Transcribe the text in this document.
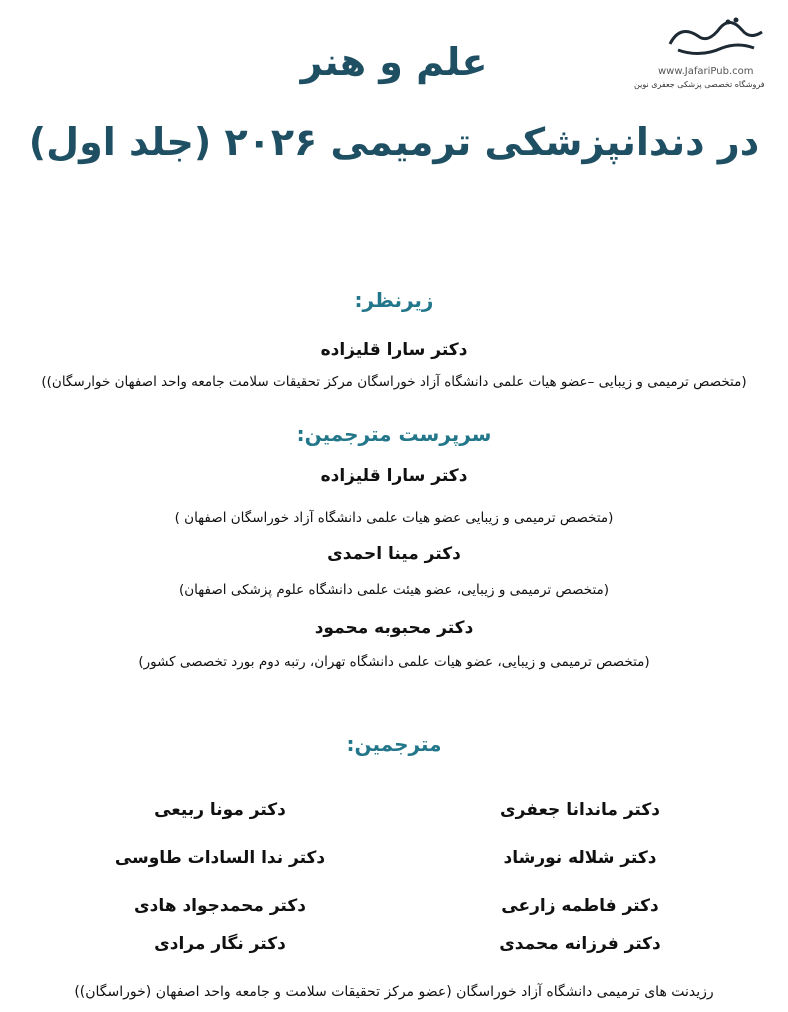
www.JafariPub.com
فروشگاه تخصصی پزشکی جعفری نوین
علم و هنر
در دندانپزشکی ترمیمی ۲۰۲۶ (جلد اول)
زیرنظر:
دکتر سارا قلیزاده
(متخصص ترمیمی و زیبایی –عضو هیات علمی دانشگاه آزاد خوراسگان مرکز تحقیقات سلامت جامعه واحد اصفهان خوارسگان))
سرپرست مترجمین:
دکتر سارا قلیزاده
(متخصص ترمیمی و زیبایی عضو هیات علمی دانشگاه آزاد خوراسگان اصفهان )
دکتر مینا احمدی
(متخصص ترمیمی و زیبایی، عضو هیئت علمی دانشگاه علوم پزشکی اصفهان)
دکتر محبوبه محمود
(متخصص ترمیمی و زیبایی، عضو هیات علمی دانشگاه تهران، رتبه دوم بورد تخصصی کشور)
مترجمین:
دکتر ماندانا جعفری
دکتر شلاله نورشاد
دکتر فاطمه زارعی
دکتر فرزانه محمدی
دکتر مونا ربیعی
دکتر ندا السادات طاوسی
دکتر محمدجواد هادی
دکتر نگار مرادی
رزیدنت های ترمیمی دانشگاه آزاد خوراسگان (عضو مرکز تحقیقات سلامت و جامعه واحد اصفهان (خوراسگان))
